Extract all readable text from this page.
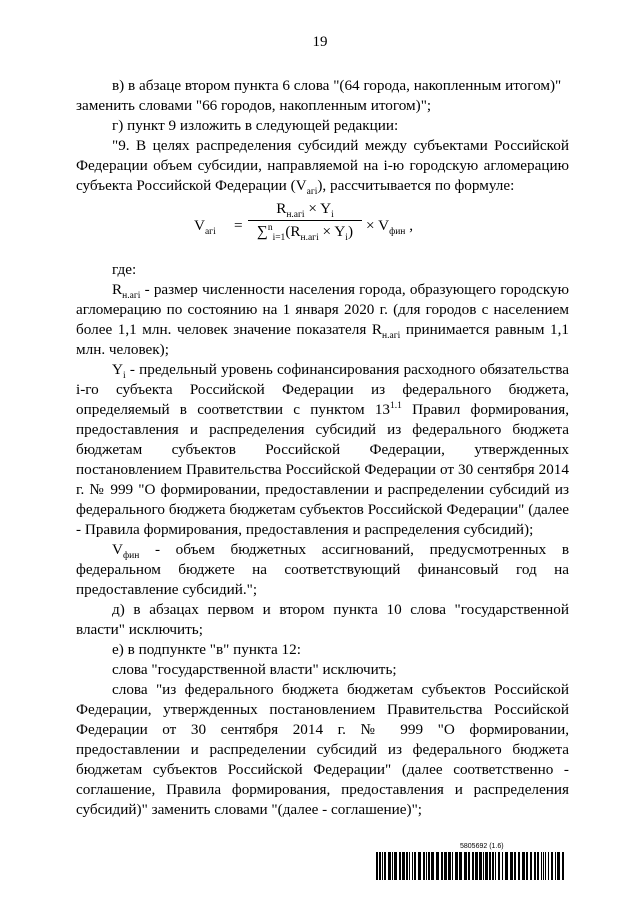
19

в) в абзаце втором пункта 6 слова "(64 города, накопленным итогом)"
заменить словами "66 городов, накопленным итогом)";

г) пункт 9 изложить в следующей редакции:

"9. В целях распределения субсидий между субъектами Российской Федерации объем субсидии, направляемой на i-ю городскую агломерацию субъекта Российской Федерации $(V_{агi})$, рассчитывается по формуле:

$V_{агi}$ =
$R_{н.агi} \times Y_i$
$\sum^n_{i=1}(R_{н.агi} \times Y_i) \times V_{фин}$ ,

где:

$R_{н.агi}$ - размер численности населения города, образующего городскую агломерацию по состоянию на 1 января 2020 г. (для городов с населением более 1,1 млн. человек значение показателя $R_{н.агi}$ принимается равным 1,1 млн. человек);

$Y_i$ - предельный уровень софинансирования расходного обязательства i-го субъекта Российской Федерации из федерального бюджета, определяемый в соответствии с пунктом $13^{1.1}$ Правил формирования, предоставления и распределения субсидий из федерального бюджета бюджетам субъектов Российской Федерации, утвержденных постановлением Правительства Российской Федерации от 30 сентября 2014 г. № 999 "О формировании, предоставлении и распределении субсидий из федерального бюджета бюджетам субъектов Российской Федерации" (далее - Правила формирования, предоставления и распределения субсидий);

$V_{фин}$ - объем бюджетных ассигнований, предусмотренных в федеральном бюджете на соответствующий финансовый год на предоставление субсидий.";

д) в абзацах первом и втором пункта 10 слова "государственной власти" исключить;

е) в подпункте "в" пункта 12:

слова "государственной власти" исключить;

слова "из федерального бюджета бюджетам субъектов Российской Федерации, утвержденных постановлением Правительства Российской Федерации от 30 сентября 2014 г. № 999 "О формировании, предоставлении и распределении субсидий из федерального бюджета бюджетам субъектов Российской Федерации" (далее соответственно - соглашение, Правила формирования, предоставления и распределения субсидий)" заменить словами "(далее - соглашение)";

5805692 (1.6)
